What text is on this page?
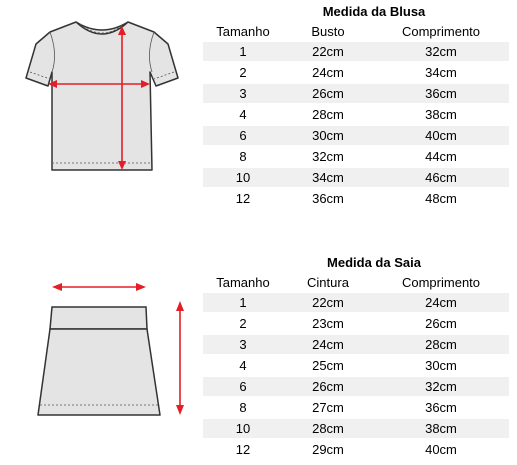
Medida da Blusa
Tamanho	Busto	Comprimento
1	22cm	32cm
2	24cm	34cm
3	26cm	36cm
4	28cm	38cm
6	30cm	40cm
8	32cm	44cm
10	34cm	46cm
12	36cm	48cm
Medida da Saia
Tamanho	Cintura	Comprimento
1	22cm	24cm
2	23cm	26cm
3	24cm	28cm
4	25cm	30cm
6	26cm	32cm
8	27cm	36cm
10	28cm	38cm
12	29cm	40cm
